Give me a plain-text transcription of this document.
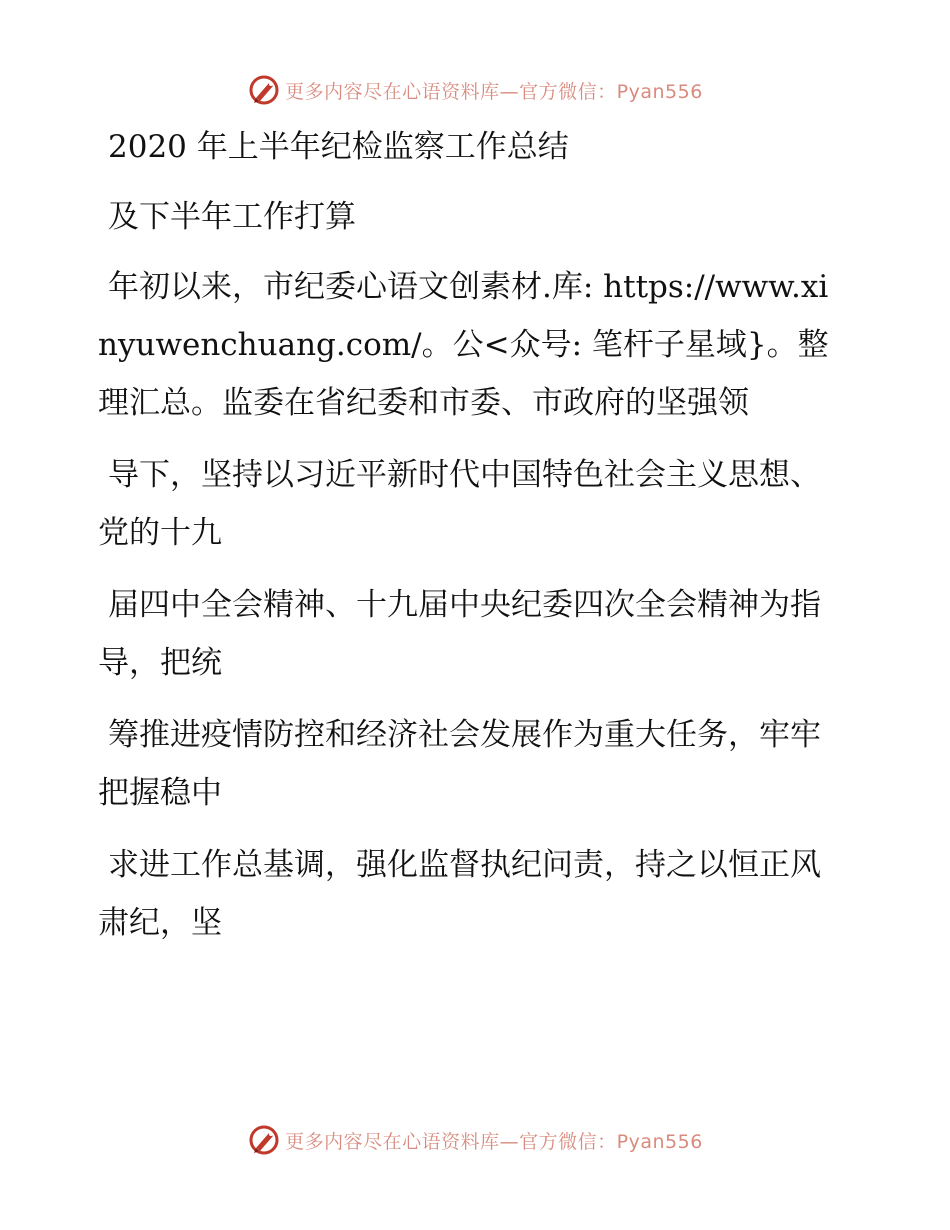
更多内容尽在心语资料库—官方微信：Pyan556

2020 年上半年纪检监察工作总结

及下半年工作打算

年初以来，市纪委心语文创素材.库: https://www.xinyuwenchuang.com/。公<众号: 笔杆子星域}。整理汇总。监委在省纪委和市委、市政府的坚强领

导下，坚持以习近平新时代中国特色社会主义思想、党的十九

届四中全会精神、十九届中央纪委四次全会精神为指导，把统

筹推进疫情防控和经济社会发展作为重大任务，牢牢把握稳中

求进工作总基调，强化监督执纪问责，持之以恒正风肃纪，坚

更多内容尽在心语资料库—官方微信：Pyan556
